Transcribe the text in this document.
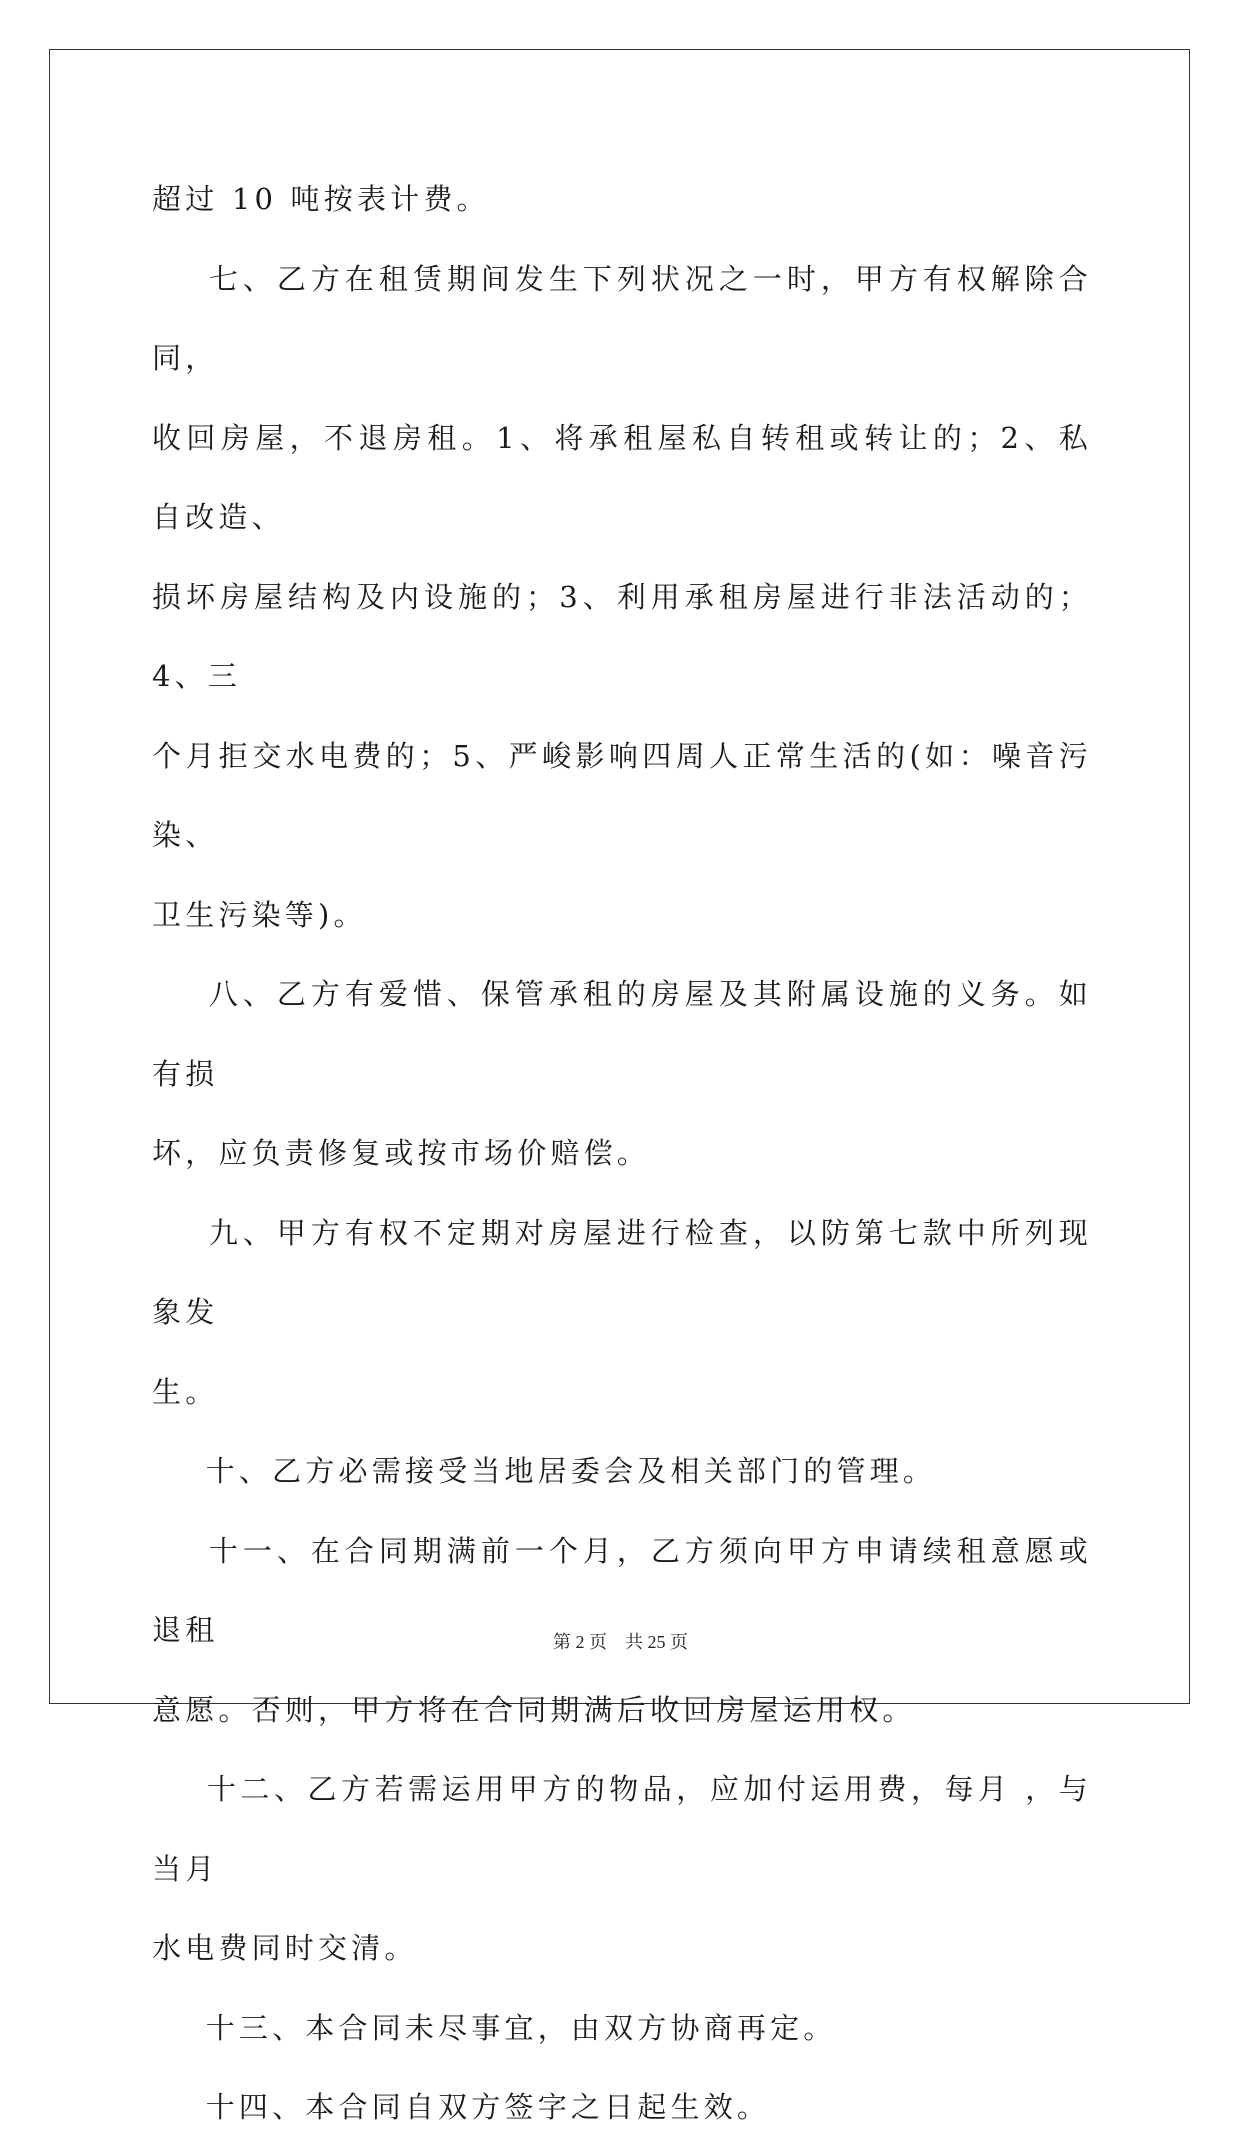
超过 10 吨按表计费。

七、乙方在租赁期间发生下列状况之一时，甲方有权解除合同，

收回房屋，不退房租。1、将承租屋私自转租或转让的；2、私自改造、

损坏房屋结构及内设施的；3、利用承租房屋进行非法活动的；4、三

个月拒交水电费的；5、严峻影响四周人正常生活的(如：噪音污染、

卫生污染等)。

八、乙方有爱惜、保管承租的房屋及其附属设施的义务。如有损

坏，应负责修复或按市场价赔偿。

九、甲方有权不定期对房屋进行检查，以防第七款中所列现象发

生。

十、乙方必需接受当地居委会及相关部门的管理。

十一、在合同期满前一个月，乙方须向甲方申请续租意愿或退租

意愿。否则，甲方将在合同期满后收回房屋运用权。

十二、乙方若需运用甲方的物品，应加付运用费，每月 ，与当月

水电费同时交清。

十三、本合同未尽事宜，由双方协商再定。

十四、本合同自双方签字之日起生效。

第 2 页    共 25 页
